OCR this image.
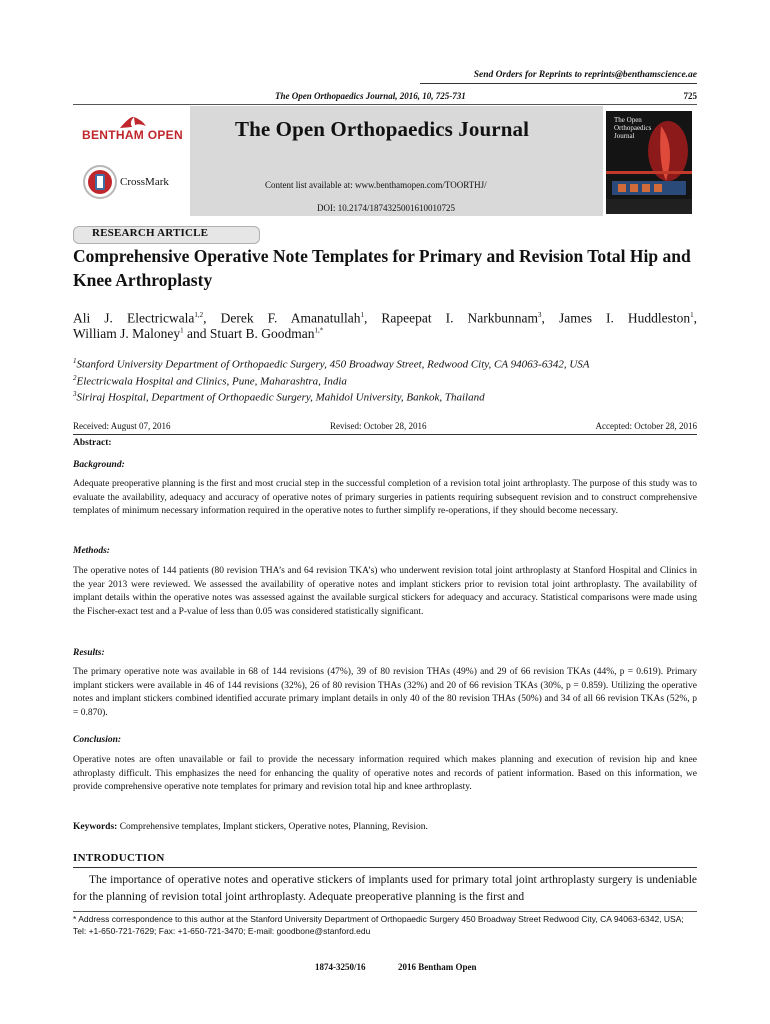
Send Orders for Reprints to reprints@benthamscience.ae
The Open Orthopaedics Journal, 2016, 10, 725-731	725
BENTHAM OPEN
CrossMark
The Open Orthopaedics Journal
Content list available at: www.benthamopen.com/TOORTHJ/
DOI: 10.2174/1874325001610010725
The Open Orthopaedics Journal
RESEARCH ARTICLE
Comprehensive Operative Note Templates for Primary and Revision Total Hip and Knee Arthroplasty
Ali J. Electricwala$^{1,2}$, Derek F. Amanatullah$^1$, Rapeepat I. Narkbunnam$^3$, James I. Huddleston$^1$,
William J. Maloney$^1$ and Stuart B. Goodman$^{1,*}$
$^1$Stanford University Department of Orthopaedic Surgery, 450 Broadway Street, Redwood City, CA 94063-6342, USA
$^2$Electricwala Hospital and Clinics, Pune, Maharashtra, India
$^3$Siriraj Hospital, Department of Orthopaedic Surgery, Mahidol University, Bankok, Thailand
Received: August 07, 2016	Revised: October 28, 2016	Accepted: October 28, 2016
Abstract:
Background:
Adequate preoperative planning is the first and most crucial step in the successful completion of a revision total joint arthroplasty. The purpose of this study was to evaluate the availability, adequacy and accuracy of operative notes of primary surgeries in patients requiring subsequent revision and to construct comprehensive templates of minimum necessary information required in the operative notes to further simplify re-operations, if they should become necessary.
Methods:
The operative notes of 144 patients (80 revision THA’s and 64 revision TKA’s) who underwent revision total joint arthroplasty at Stanford Hospital and Clinics in the year 2013 were reviewed. We assessed the availability of operative notes and implant stickers prior to revision total joint arthroplasty. The availability of implant details within the operative notes was assessed against the available surgical stickers for adequacy and accuracy. Statistical comparisons were made using the Fischer-exact test and a P-value of less than 0.05 was considered statistically significant.
Results:
The primary operative note was available in 68 of 144 revisions (47%), 39 of 80 revision THAs (49%) and 29 of 66 revision TKAs (44%, p = 0.619). Primary implant stickers were available in 46 of 144 revisions (32%), 26 of 80 revision THAs (32%) and 20 of 66 revision TKAs (30%, p = 0.859). Utilizing the operative notes and implant stickers combined identified accurate primary implant details in only 40 of the 80 revision THAs (50%) and 34 of all 66 revision TKAs (52%, p = 0.870).
Conclusion:
Operative notes are often unavailable or fail to provide the necessary information required which makes planning and execution of revision hip and knee athroplasty difficult. This emphasizes the need for enhancing the quality of operative notes and records of patient information. Based on this information, we provide comprehensive operative note templates for primary and revision total hip and knee arthroplasty.
Keywords: Comprehensive templates, Implant stickers, Operative notes, Planning, Revision.
INTRODUCTION
The importance of operative notes and operative stickers of implants used for primary total joint arthroplasty surgery is undeniable for the planning of revision total joint arthroplasty. Adequate preoperative planning is the first and
* Address correspondence to this author at the Stanford University Department of Orthopaedic Surgery 450 Broadway Street Redwood City, CA 94063-6342, USA; Tel: +1-650-721-7629; Fax: +1-650-721-3470; E-mail: goodbone@stanford.edu
1874-3250/16	2016 Bentham Open
